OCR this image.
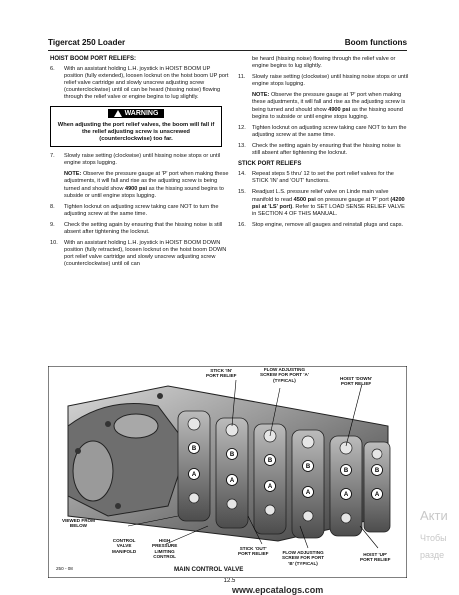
Tigercat 250 Loader	Boom functions
HOIST BOOM PORT RELIEFS:
6. With an assistant holding L.H. joystick in HOIST BOOM UP position (fully extended), loosen locknut on the hoist boom UP port relief valve cartridge and slowly unscrew adjusting screw (counterclockwise) until oil can be heard (hissing noise) flowing through the relief valve or engine begins to lug slightly.
WARNING
When adjusting the port relief valves, the boom will fall if the relief adjusting screw is unscrewed (counterclockwise) too far.
7. Slowly raise setting (clockwise) until hissing noise stops or until engine stops lugging.
NOTE: Observe the pressure gauge at 'P' port when making these adjustments, it will fall and rise as the adjusting screw is being turned and should show 4900 psi as the hissing sound begins to subside or until engine stops lugging.
8. Tighten locknut on adjusting screw taking care NOT to turn the adjusting screw at the same time.
9. Check the setting again by ensuring that the hissing noise is still absent after tightening the locknut.
10. With an assistant holding L.H. joystick in HOIST BOOM DOWN position (fully retracted), loosen locknut on the hoist boom DOWN port relief valve cartridge and slowly unscrew adjusting screw (counterclockwise) until oil can
be heard (hissing noise) flowing through the relief valve or engine begins to lug slightly.
11. Slowly raise setting (clockwise) until hissing noise stops or until engine stops lugging.
NOTE: Observe the pressure gauge at 'P' port when making these adjustments, it will fall and rise as the adjusting screw is being turned and should show 4900 psi as the hissing sound begins to subside or until engine stops lugging.
12. Tighten locknut on adjusting screw taking care NOT to turn the adjusting screw at the same time.
13. Check the setting again by ensuring that the hissing noise is still absent after tightening the locknut.
STICK PORT RELIEFS
14. Repeat steps 5 thru' 12 to set the port relief valves for the STICK 'IN' and 'OUT' functions.
15. Readjust L.S. pressure relief valve on Linde main valve manifold to read 4500 psi on pressure gauge at 'P' port (4200 psi at 'LS' port). Refer to SET LOAD SENSE RELIEF VALVE in SECTION 4 OF THIS MANUAL.
16. Stop engine, remove all gauges and reinstall plugs and caps.
B
A
B
A
B
A
B
A
B
A
B
A
STICK 'IN'
PORT RELIEF
FLOW ADJUSTING
SCREW FOR PORT 'A'
(TYPICAL)	HOIST 'DOWN'
PORT RELIEF
VIEWED FROM
BELOW
CONTROL
VALVE
MANIFOLD
HIGH
PRESSURE
LIMITING
CONTROL
STICK 'OUT'
PORT RELIEF	FLOW ADJUSTING
SCREW FOR PORT
'B' (TYPICAL)
HOIST 'UP'
PORT RELIEF
250 - 08	MAIN CONTROL VALVE
12.5
www.epcatalogs.com
Акти
Чтобы
разде
